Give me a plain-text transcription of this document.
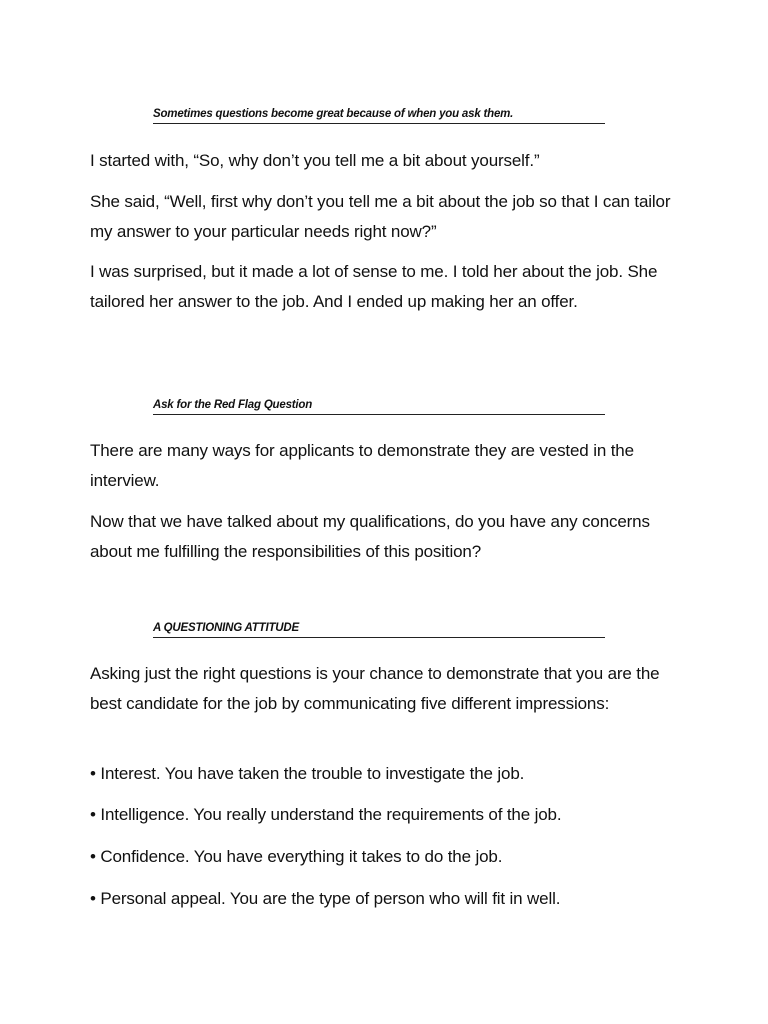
Sometimes questions become great because of when you ask them.

I started with, “So, why don’t you tell me a bit about yourself.”

She said, “Well, first why don’t you tell me a bit about the job so that I can tailor my answer to your particular needs right now?”

I was surprised, but it made a lot of sense to me. I told her about the job. She tailored her answer to the job. And I ended up making her an offer.

Ask for the Red Flag Question

There are many ways for applicants to demonstrate they are vested in the interview.

Now that we have talked about my qualifications, do you have any concerns about me fulfilling the responsibilities of this position?

A QUESTIONING ATTITUDE

Asking just the right questions is your chance to demonstrate that you are the best candidate for the job by communicating five different impressions:

• Interest. You have taken the trouble to investigate the job.

• Intelligence. You really understand the requirements of the job.

• Confidence. You have everything it takes to do the job.

• Personal appeal. You are the type of person who will fit in well.
